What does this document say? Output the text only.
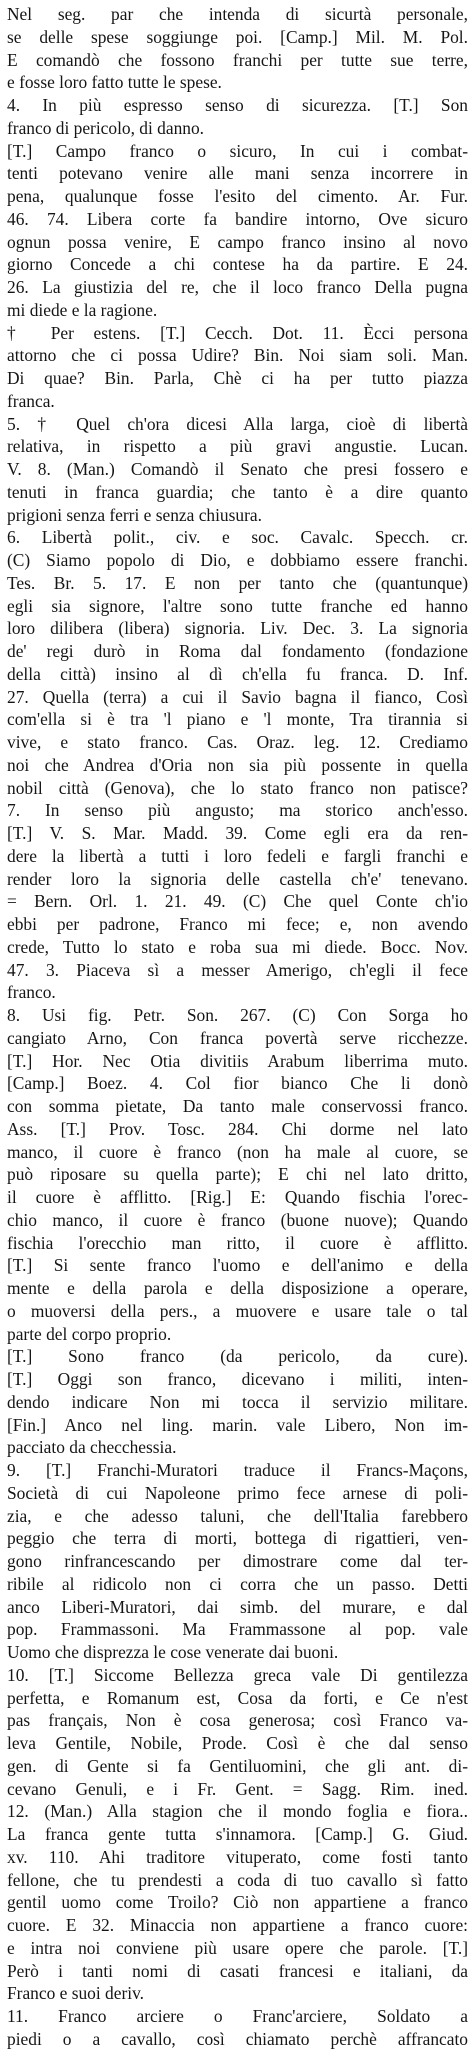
Nel seg. par che intenda di sicurtà personale,
se delle spese soggiunge poi. [Camp.] Mil. M. Pol.
E comandò che fossono franchi per tutte sue terre,
e fosse loro fatto tutte le spese.
4. In più espresso senso di sicurezza. [T.] Son
franco di pericolo, di danno.
[T.] Campo franco o sicuro, In cui i combat-
tenti potevano venire alle mani senza incorrere in
pena, qualunque fosse l'esito del cimento. Ar. Fur.
46. 74. Libera corte fa bandire intorno, Ove sicuro
ognun possa venire, E campo franco insino al novo
giorno Concede a chi contese ha da partire. E 24.
26. La giustizia del re, che il loco franco Della pugna
mi diede e la ragione.
† Per estens. [T.] Cecch. Dot. 11. Ècci persona
attorno che ci possa Udire? Bin. Noi siam soli. Man.
Di quae? Bin. Parla, Chè ci ha per tutto piazza
franca.
5. † Quel ch'ora dicesi Alla larga, cioè di libertà
relativa, in rispetto a più gravi angustie. Lucan.
V. 8. (Man.) Comandò il Senato che presi fossero e
tenuti in franca guardia; che tanto è a dire quanto
prigioni senza ferri e senza chiusura.
6. Libertà polit., civ. e soc. Cavalc. Specch. cr.
(C) Siamo popolo di Dio, e dobbiamo essere franchi.
Tes. Br. 5. 17. E non per tanto che (quantunque)
egli sia signore, l'altre sono tutte franche ed hanno
loro dilibera (libera) signoria. Liv. Dec. 3. La signoria
de' regi durò in Roma dal fondamento (fondazione
della città) insino al dì ch'ella fu franca. D. Inf.
27. Quella (terra) a cui il Savio bagna il fianco, Così
com'ella si è tra 'l piano e 'l monte, Tra tirannia si
vive, e stato franco. Cas. Oraz. leg. 12. Crediamo
noi che Andrea d'Oria non sia più possente in quella
nobil città (Genova), che lo stato franco non patisce?
7. In senso più angusto; ma storico anch'esso.
[T.] V. S. Mar. Madd. 39. Come egli era da ren-
dere la libertà a tutti i loro fedeli e fargli franchi e
render loro la signoria delle castella ch'e' tenevano.
= Bern. Orl. 1. 21. 49. (C) Che quel Conte ch'io
ebbi per padrone, Franco mi fece; e, non avendo
crede, Tutto lo stato e roba sua mi diede. Bocc. Nov.
47. 3. Piaceva sì a messer Amerigo, ch'egli il fece
franco.
8. Usi fig. Petr. Son. 267. (C) Con Sorga ho
cangiato Arno, Con franca povertà serve ricchezze.
[T.] Hor. Nec Otia divitiis Arabum liberrima muto.
[Camp.] Boez. 4. Col fior bianco Che li donò
con somma pietate, Da tanto male conservossi franco.
Ass. [T.] Prov. Tosc. 284. Chi dorme nel lato
manco, il cuore è franco (non ha male al cuore, se
può riposare su quella parte); E chi nel lato dritto,
il cuore è afflitto. [Rig.] E: Quando fischia l'orec-
chio manco, il cuore è franco (buone nuove); Quando
fischia l'orecchio man ritto, il cuore è afflitto.
[T.] Si sente franco l'uomo e dell'animo e della
mente e della parola e della disposizione a operare,
o muoversi della pers., a muovere e usare tale o tal
parte del corpo proprio.
[T.] Sono franco (da pericolo, da cure).
[T.] Oggi son franco, dicevano i militi, inten-
dendo indicare Non mi tocca il servizio militare.
[Fin.] Anco nel ling. marin. vale Libero, Non im-
pacciato da checchessia.
9. [T.] Franchi-Muratori traduce il Francs-Maçons,
Società di cui Napoleone primo fece arnese di poli-
zia, e che adesso taluni, che dell'Italia farebbero
peggio che terra di morti, bottega di rigattieri, ven-
gono rinfrancescando per dimostrare come dal ter-
ribile al ridicolo non ci corra che un passo. Detti
anco Liberi-Muratori, dai simb. del murare, e dal
pop. Frammassoni. Ma Frammassone al pop. vale
Uomo che disprezza le cose venerate dai buoni.
10. [T.] Siccome Bellezza greca vale Di gentilezza
perfetta, e Romanum est, Cosa da forti, e Ce n'est
pas français, Non è cosa generosa; così Franco va-
leva Gentile, Nobile, Prode. Così è che dal senso
gen. di Gente si fa Gentiluomini, che gli ant. di-
cevano Genuli, e i Fr. Gent. = Sagg. Rim. ined.
12. (Man.) Alla stagion che il mondo foglia e fiora..
La franca gente tutta s'innamora. [Camp.] G. Giud.
xv. 110. Ahi traditore vituperato, come fosti tanto
fellone, che tu prendesti a coda di tuo cavallo sì fatto
gentil uomo come Troilo? Ciò non appartiene a franco
cuore. E 32. Minaccia non appartiene a franco cuore:
e intra noi conviene più usare opere che parole. [T.]
Però i tanti nomi di casati francesi e italiani, da
Franco e suoi deriv.
11. Franco arciere o Franc'arciere, Soldato a
piedi o a cavallo, così chiamato perchè affrancato
